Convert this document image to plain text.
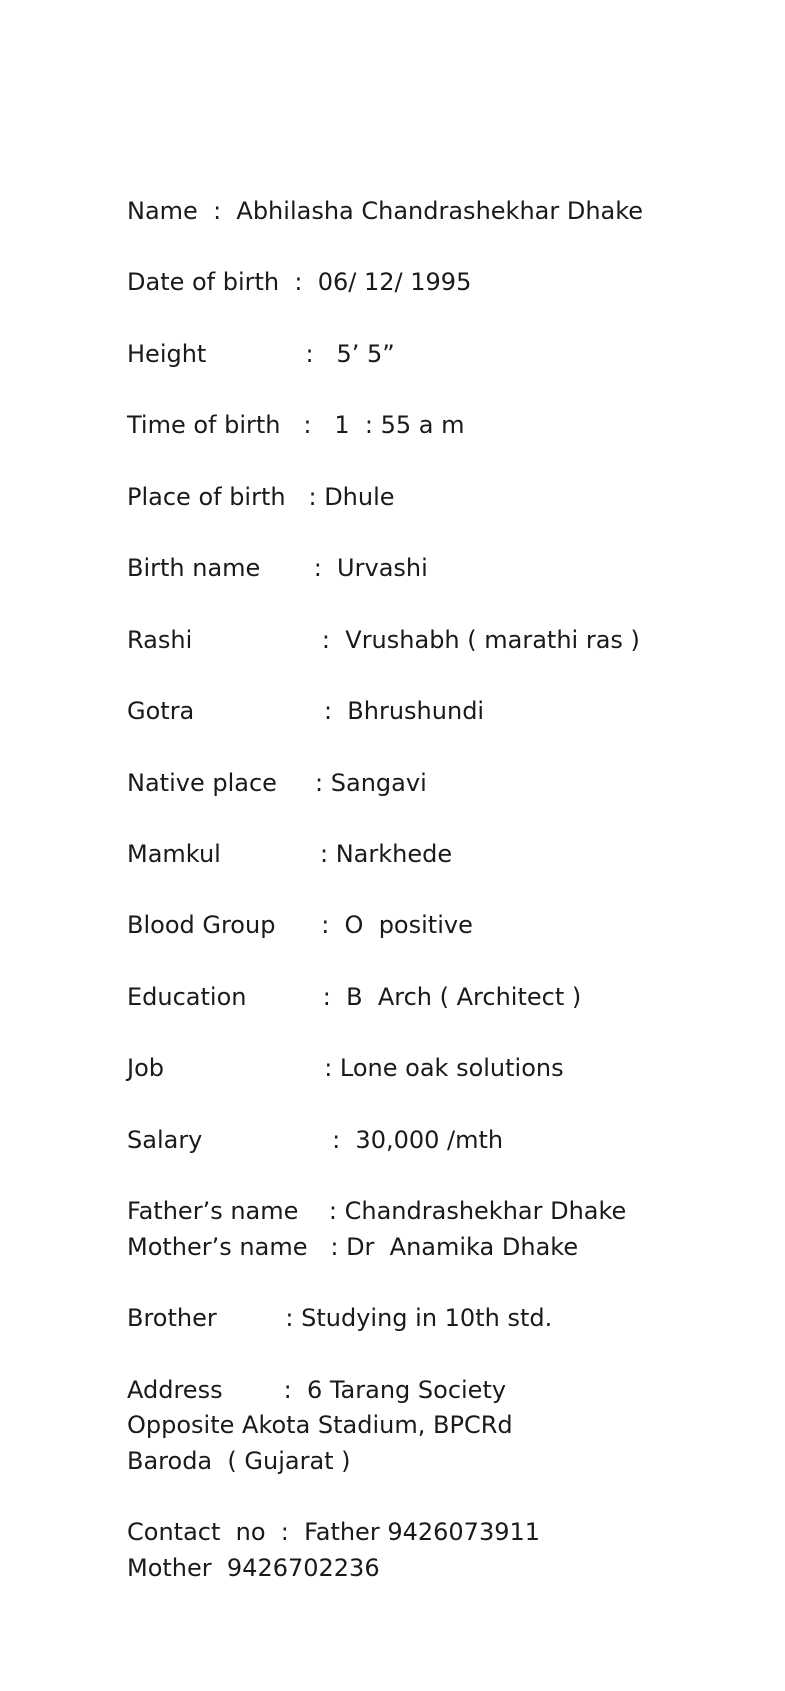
Name  :  Abhilasha Chandrashekhar Dhake
Date of birth  :  06/ 12/ 1995
Height             :   5’ 5”
Time of birth   :   1  : 55 a m
Place of birth   : Dhule
Birth name       :  Urvashi
Rashi                 :  Vrushabh ( marathi ras )
Gotra                 :  Bhrushundi
Native place     : Sangavi
Mamkul             : Narkhede
Blood Group      :  O  positive
Education          :  B  Arch ( Architect )
Job                     : Lone oak solutions
Salary                 :  30,000 /mth
Father’s name    : Chandrashekhar Dhake
Mother’s name   : Dr  Anamika Dhake
Brother         : Studying in 10th std.
Address        :  6 Tarang Society
Opposite Akota Stadium, BPCRd
Baroda  ( Gujarat )
Contact  no  :  Father 9426073911
Mother  9426702236
